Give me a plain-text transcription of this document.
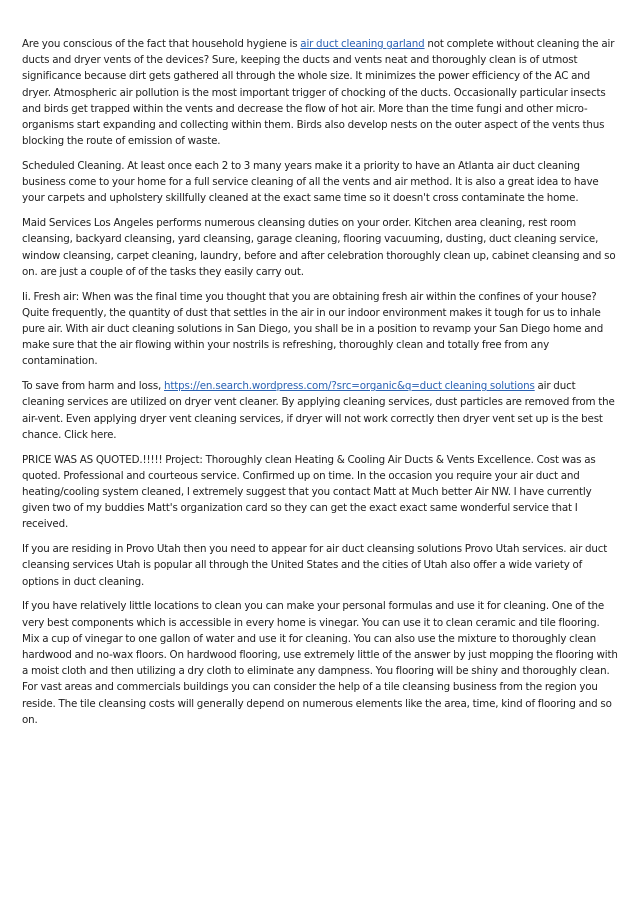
Are you conscious of the fact that household hygiene is air duct cleaning garland not complete without cleaning the air ducts and dryer vents of the devices? Sure, keeping the ducts and vents neat and thoroughly clean is of utmost significance because dirt gets gathered all through the whole size. It minimizes the power efficiency of the AC and dryer. Atmospheric air pollution is the most important trigger of chocking of the ducts. Occasionally particular insects and birds get trapped within the vents and decrease the flow of hot air. More than the time fungi and other micro-organisms start expanding and collecting within them. Birds also develop nests on the outer aspect of the vents thus blocking the route of emission of waste.

Scheduled Cleaning. At least once each 2 to 3 many years make it a priority to have an Atlanta air duct cleaning business come to your home for a full service cleaning of all the vents and air method. It is also a great idea to have your carpets and upholstery skillfully cleaned at the exact same time so it doesn't cross contaminate the home.

Maid Services Los Angeles performs numerous cleansing duties on your order. Kitchen area cleaning, rest room cleansing, backyard cleansing, yard cleansing, garage cleaning, flooring vacuuming, dusting, duct cleaning service, window cleansing, carpet cleaning, laundry, before and after celebration thoroughly clean up, cabinet cleansing and so on. are just a couple of of the tasks they easily carry out.

Ii. Fresh air: When was the final time you thought that you are obtaining fresh air within the confines of your house? Quite frequently, the quantity of dust that settles in the air in our indoor environment makes it tough for us to inhale pure air. With air duct cleaning solutions in San Diego, you shall be in a position to revamp your San Diego home and make sure that the air flowing within your nostrils is refreshing, thoroughly clean and totally free from any contamination.

To save from harm and loss, https://en.search.wordpress.com/?src=organic&q=duct cleaning solutions air duct cleaning services are utilized on dryer vent cleaner. By applying cleaning services, dust particles are removed from the air-vent. Even applying dryer vent cleaning services, if dryer will not work correctly then dryer vent set up is the best chance. Click here.

PRICE WAS AS QUOTED.!!!!! Project: Thoroughly clean Heating & Cooling Air Ducts & Vents Excellence. Cost was as quoted. Professional and courteous service. Confirmed up on time. In the occasion you require your air duct and heating/cooling system cleaned, I extremely suggest that you contact Matt at Much better Air NW. I have currently given two of my buddies Matt's organization card so they can get the exact exact same wonderful service that I received.

If you are residing in Provo Utah then you need to appear for air duct cleansing solutions Provo Utah services. air duct cleansing services Utah is popular all through the United States and the cities of Utah also offer a wide variety of options in duct cleaning.

If you have relatively little locations to clean you can make your personal formulas and use it for cleaning. One of the very best components which is accessible in every home is vinegar. You can use it to clean ceramic and tile flooring. Mix a cup of vinegar to one gallon of water and use it for cleaning. You can also use the mixture to thoroughly clean hardwood and no-wax floors. On hardwood flooring, use extremely little of the answer by just mopping the flooring with a moist cloth and then utilizing a dry cloth to eliminate any dampness. You flooring will be shiny and thoroughly clean. For vast areas and commercials buildings you can consider the help of a tile cleansing business from the region you reside. The tile cleansing costs will generally depend on numerous elements like the area, time, kind of flooring and so on.
